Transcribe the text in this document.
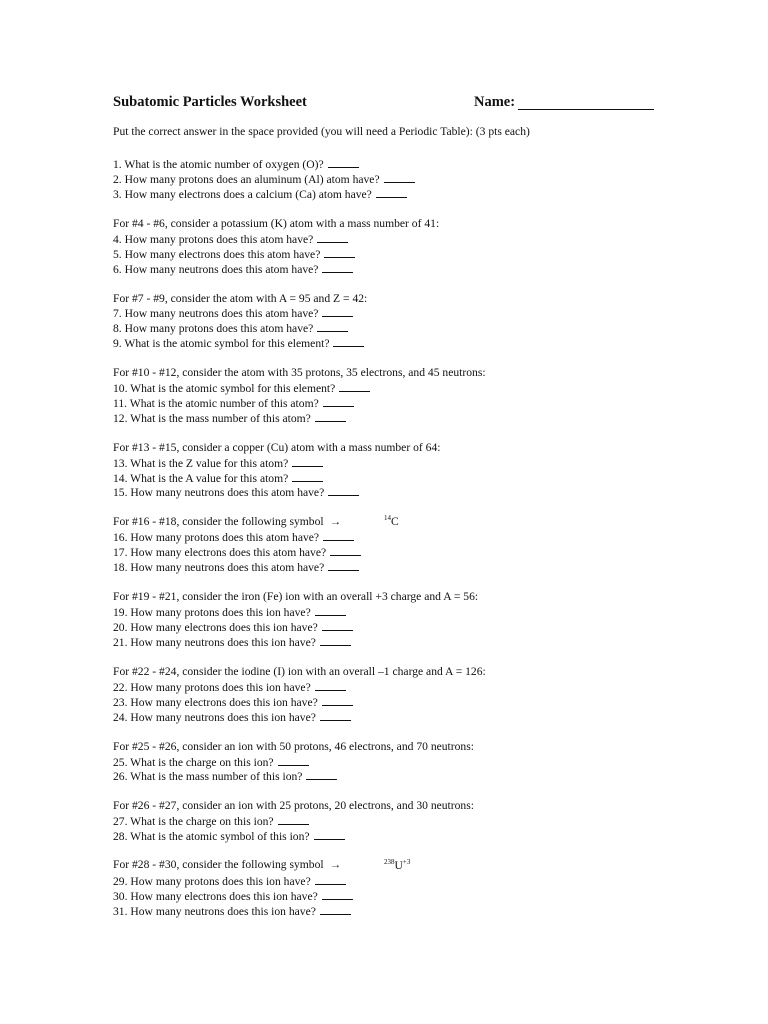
Subatomic Particles Worksheet	Name:
Put the correct answer in the space provided (you will need a Periodic Table): (3 pts each)
1. What is the atomic number of oxygen (O)?
2. How many protons does an aluminum (Al) atom have?
3. How many electrons does a calcium (Ca) atom have?
For #4 - #6, consider a potassium (K) atom with a mass number of 41:
4. How many protons does this atom have?
5. How many electrons does this atom have?
6. How many neutrons does this atom have?
For #7 - #9, consider the atom with A = 95 and Z = 42:
7. How many neutrons does this atom have?
8. How many protons does this atom have?
9. What is the atomic symbol for this element?
For #10 - #12, consider the atom with 35 protons, 35 electrons, and 45 neutrons:
10. What is the atomic symbol for this element?
11. What is the atomic number of this atom?
12. What is the mass number of this atom?
For #13 - #15, consider a copper (Cu) atom with a mass number of 64:
13. What is the Z value for this atom?
14. What is the A value for this atom?
15. How many neutrons does this atom have?
For #16 - #18, consider the following symbol →
16. How many protons does this atom have?
17. How many electrons does this atom have?
18. How many neutrons does this atom have?
For #19 - #21, consider the iron (Fe) ion with an overall +3 charge and A = 56:
19. How many protons does this ion have?
20. How many electrons does this ion have?
21. How many neutrons does this ion have?
For #22 - #24, consider the iodine (I) ion with an overall –1 charge and A = 126:
22. How many protons does this ion have?
23. How many electrons does this ion have?
24. How many neutrons does this ion have?
For #25 - #26, consider an ion with 50 protons, 46 electrons, and 70 neutrons:
25. What is the charge on this ion?
26. What is the mass number of this ion?
For #26 - #27, consider an ion with 25 protons, 20 electrons, and 30 neutrons:
27. What is the charge on this ion?
28. What is the atomic symbol of this ion?
For #28 - #30, consider the following symbol →
29. How many protons does this ion have?
30. How many electrons does this ion have?
31. How many neutrons does this ion have?
$^{14}$C
$^{238}U^{+3}$
